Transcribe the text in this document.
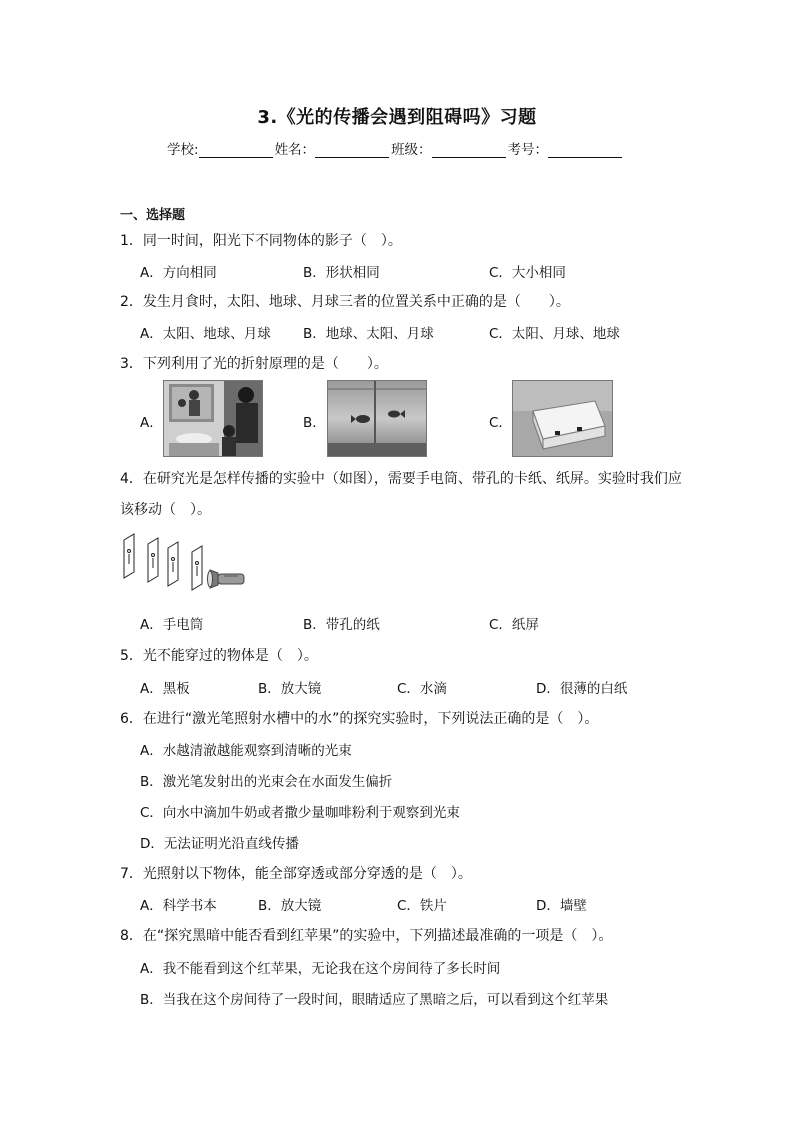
3.《光的传播会遇到阻碍吗》习题
学校:	姓名：	班级：	考号：
一、选择题
1．同一时间，阳光下不同物体的影子（　）。
A．方向相同	B．形状相同	C．大小相同
2．发生月食时，太阳、地球、月球三者的位置关系中正确的是（　　）。
A．太阳、地球、月球 B．地球、太阳、月球	C．太阳、月球、地球
3．下列利用了光的折射原理的是（　　）。
A．	B．	C．
4．在研究光是怎样传播的实验中（如图），需要手电筒、带孔的卡纸、纸屏。实验时我们应
该移动（　）。
A．手电筒	B．带孔的纸	C．纸屏
5．光不能穿过的物体是（　）。
A．黑板	B．放大镜	C．水滴	D．很薄的白纸
6．在进行“激光笔照射水槽中的水”的探究实验时，下列说法正确的是（　）。
A．水越清澈越能观察到清晰的光束
B．激光笔发射出的光束会在水面发生偏折
C．向水中滴加牛奶或者撒少量咖啡粉利于观察到光束
D．无法证明光沿直线传播
7．光照射以下物体，能全部穿透或部分穿透的是（　）。
A．科学书本	B．放大镜	C．铁片	D．墙壁
8．在“探究黑暗中能否看到红苹果”的实验中，下列描述最准确的一项是（　）。
A．我不能看到这个红苹果，无论我在这个房间待了多长时间
B．当我在这个房间待了一段时间，眼睛适应了黑暗之后，可以看到这个红苹果
